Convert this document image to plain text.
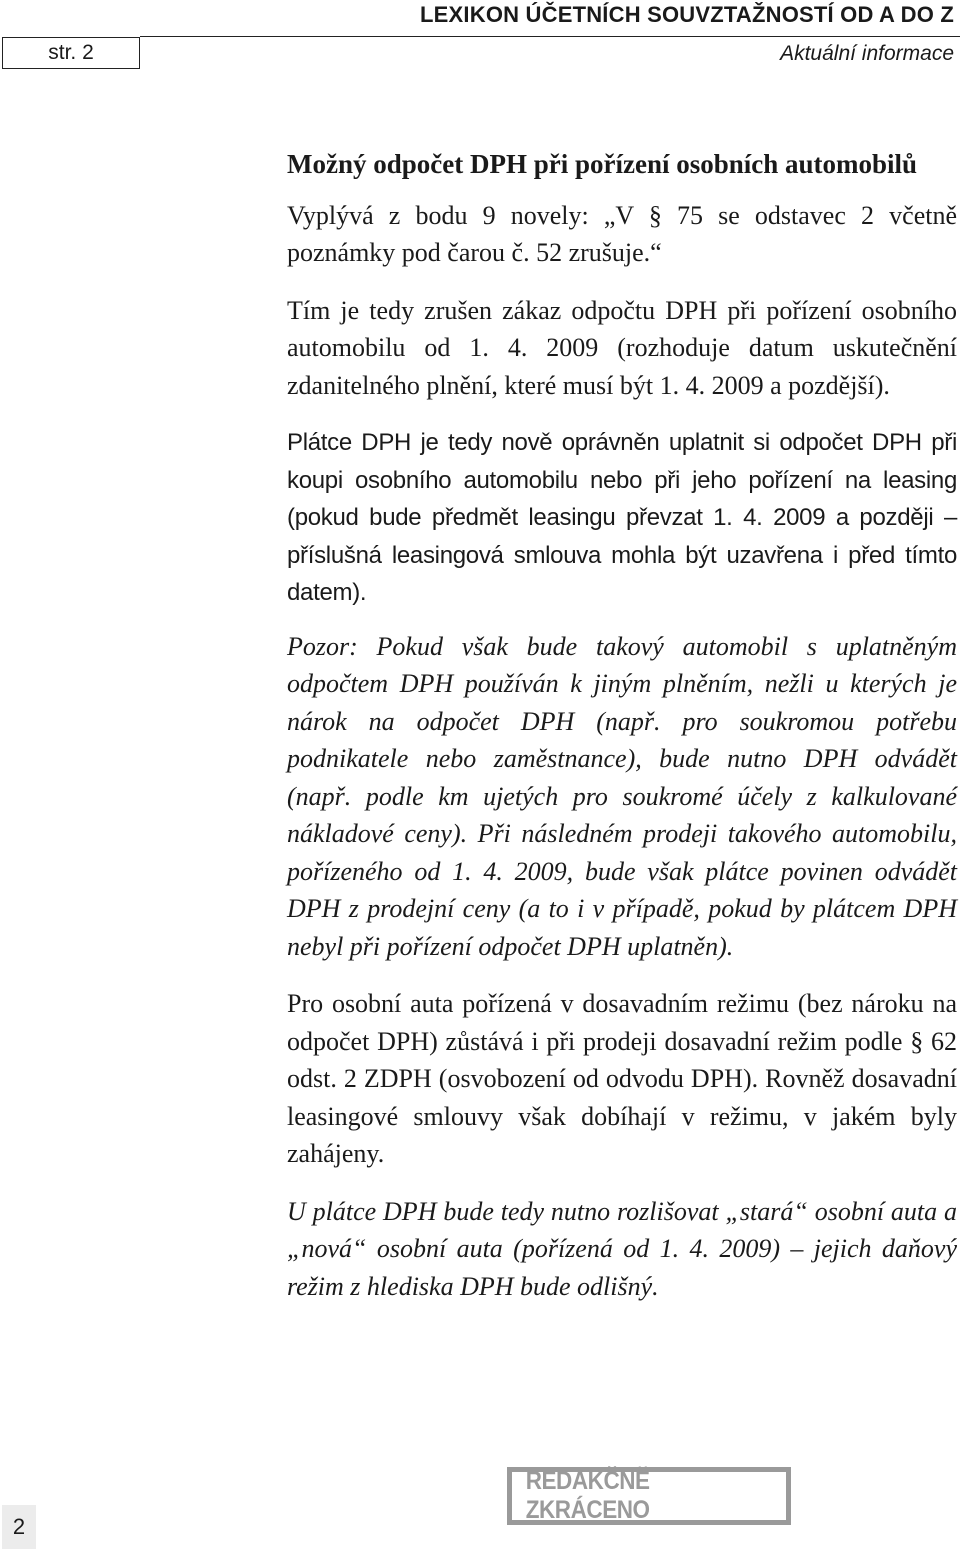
str. 2
LEXIKON ÚČETNÍCH SOUVZTAŽNOSTÍ OD A DO Z
Aktuální informace
Možný odpočet DPH při pořízení osobních automobilů

Vyplývá z bodu 9 novely: „V § 75 se odstavec 2 včetně poznámky pod čarou č. 52 zrušuje.“

Tím je tedy zrušen zákaz odpočtu DPH při pořízení osobního automobilu od 1. 4. 2009 (rozhoduje datum uskutečnění zdanitelného plnění, které musí být 1. 4. 2009 a pozdější).

Plátce DPH je tedy nově oprávněn uplatnit si odpočet DPH při koupi osobního automobilu nebo při jeho pořízení na leasing (pokud bude předmět leasingu převzat 1. 4. 2009 a později – příslušná leasingová smlouva mohla být uzavřena i před tímto datem).

Pozor: Pokud však bude takový automobil s uplatněným odpočtem DPH používán k jiným plněním, nežli u kterých je nárok na odpočet DPH (např. pro soukromou potřebu podnikatele nebo zaměstnance), bude nutno DPH odvádět (např. podle km ujetých pro soukromé účely z kalkulované nákladové ceny). Při následném prodeji takového automobilu, pořízeného od 1. 4. 2009, bude však plátce povinen odvádět DPH z prodejní ceny (a to i v případě, pokud by plátcem DPH nebyl při pořízení odpočet DPH uplatněn).

Pro osobní auta pořízená v dosavadním režimu (bez nároku na odpočet DPH) zůstává i při prodeji dosavadní režim podle § 62 odst. 2 ZDPH (osvobození od odvodu DPH). Rovněž dosavadní leasingové smlouvy však dobíhají v režimu, v jakém byly zahájeny.

U plátce DPH bude tedy nutno rozlišovat „stará“ osobní auta a „nová“ osobní auta (pořízená od 1. 4. 2009) – jejich daňový režim z hlediska DPH bude odlišný.

REDAKČNĚ ZKRÁCENO
2
